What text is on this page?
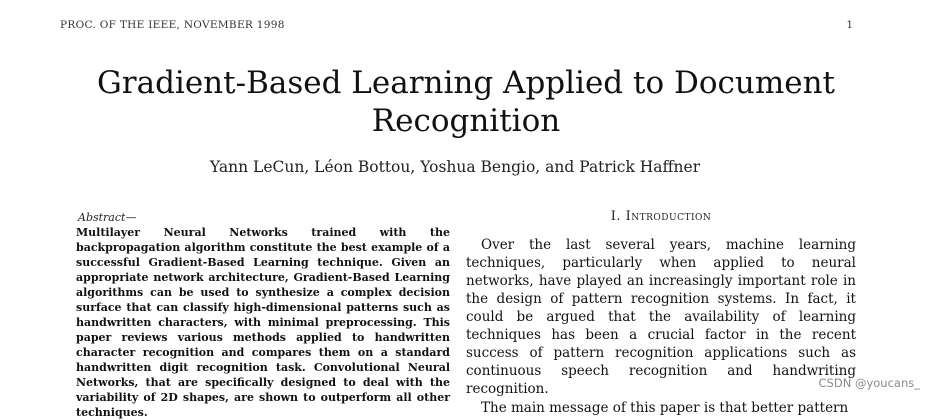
PROC. OF THE IEEE, NOVEMBER 1998	1
Gradient-Based Learning Applied to Document
Recognition
Yann LeCun, Léon Bottou, Yoshua Bengio, and Patrick Haffner
Abstract—
Multilayer Neural Networks trained with the backpropagation algorithm constitute the best example of a successful Gradient-Based Learning technique. Given an appropriate network architecture, Gradient-Based Learning algorithms can be used to synthesize a complex decision surface that can classify high-dimensional patterns such as handwritten characters, with minimal preprocessing. This paper reviews various methods applied to handwritten character recognition and compares them on a standard handwritten digit recognition task. Convolutional Neural Networks, that are specifically designed to deal with the variability of 2D shapes, are shown to outperform all other techniques.
I. Introduction

Over the last several years, machine learning techniques, particularly when applied to neural networks, have played an increasingly important role in the design of pattern recognition systems. In fact, it could be argued that the availability of learning techniques has been a crucial factor in the recent success of pattern recognition applications such as continuous speech recognition and handwriting recognition.

The main message of this paper is that better pattern

CSDN @youcans_
